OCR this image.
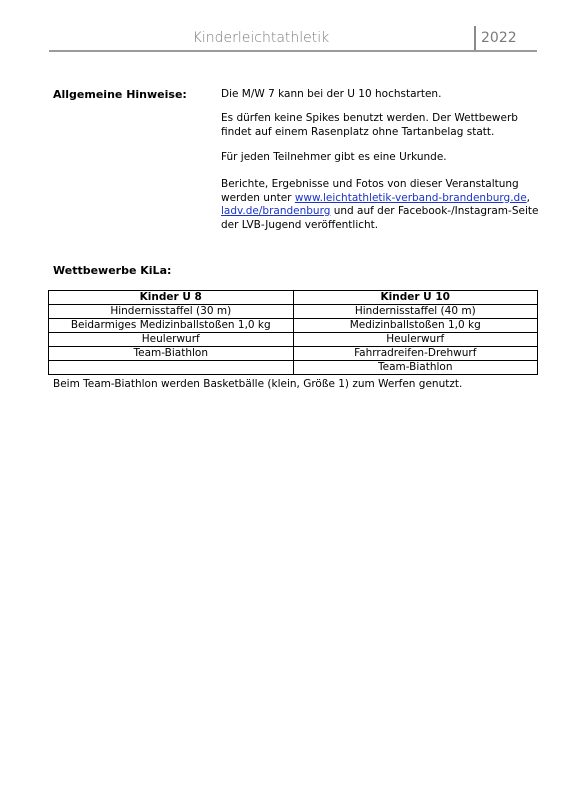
Kinderleichtathletik	2022
Allgemeine Hinweise:	Die M/W 7 kann bei der U 10 hochstarten.
Es dürfen keine Spikes benutzt werden. Der Wettbewerb
findet auf einem Rasenplatz ohne Tartanbelag statt.
Für jeden Teilnehmer gibt es eine Urkunde.
Berichte, Ergebnisse und Fotos von dieser Veranstaltung
werden unter www.leichtathletik-verband-brandenburg.de,
ladv.de/brandenburg und auf der Facebook-/Instagram-Seite
der LVB-Jugend veröffentlicht.
Wettbewerbe KiLa:
Kinder U 8	Kinder U 10
Hindernisstaffel (30 m)	Hindernisstaffel (40 m)
Beidarmiges Medizinballstoßen 1,0 kg	Medizinballstoßen 1,0 kg
Heulerwurf	Heulerwurf
Team-Biathlon	Fahrradreifen-Drehwurf
	Team-Biathlon
Beim Team-Biathlon werden Basketbälle (klein, Größe 1) zum Werfen genutzt.
